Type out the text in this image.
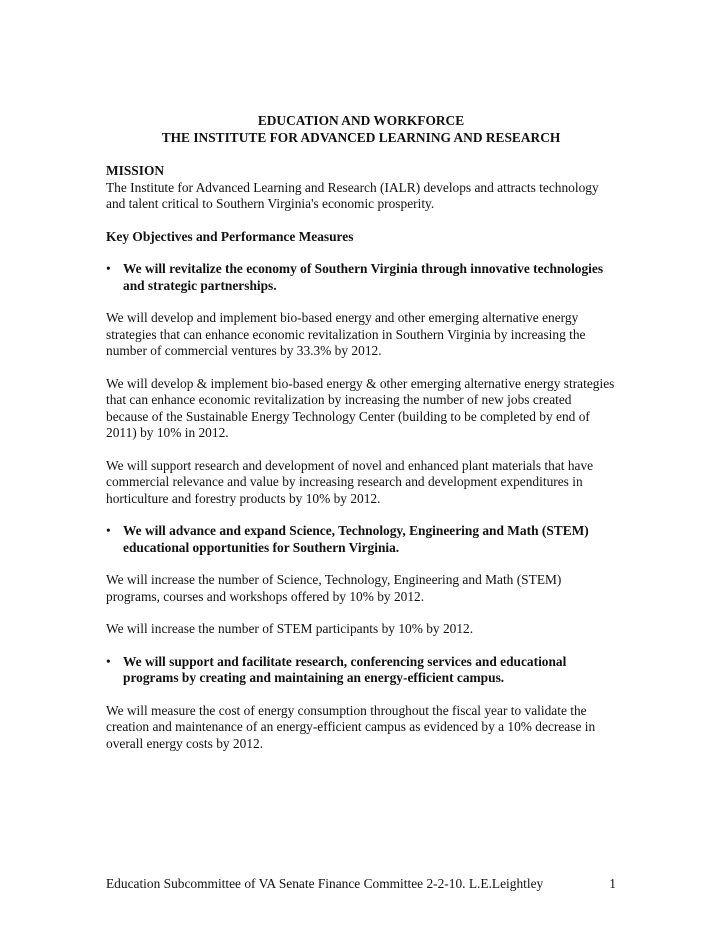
EDUCATION AND WORKFORCE
THE INSTITUTE FOR ADVANCED LEARNING AND RESEARCH

MISSION

The Institute for Advanced Learning and Research (IALR) develops and attracts technology and talent critical to Southern Virginia's economic prosperity.

Key Objectives and Performance Measures

• We will revitalize the economy of Southern Virginia through innovative technologies and strategic partnerships.

We will develop and implement bio-based energy and other emerging alternative energy strategies that can enhance economic revitalization in Southern Virginia by increasing the number of commercial ventures by 33.3% by 2012.

We will develop & implement bio-based energy & other emerging alternative energy strategies that can enhance economic revitalization by increasing the number of new jobs created because of the Sustainable Energy Technology Center (building to be completed by end of 2011) by 10% in 2012.

We will support research and development of novel and enhanced plant materials that have commercial relevance and value by increasing research and development expenditures in horticulture and forestry products by 10% by 2012.

• We will advance and expand Science, Technology, Engineering and Math (STEM) educational opportunities for Southern Virginia.

We will increase the number of Science, Technology, Engineering and Math (STEM) programs, courses and workshops offered by 10% by 2012.

We will increase the number of STEM participants by 10% by 2012.

• We will support and facilitate research, conferencing services and educational programs by creating and maintaining an energy-efficient campus.

We will measure the cost of energy consumption throughout the fiscal year to validate the creation and maintenance of an energy-efficient campus as evidenced by a 10% decrease in overall energy costs by 2012.

Education Subcommittee of VA Senate Finance Committee 2-2-10. L.E.Leightley	1
